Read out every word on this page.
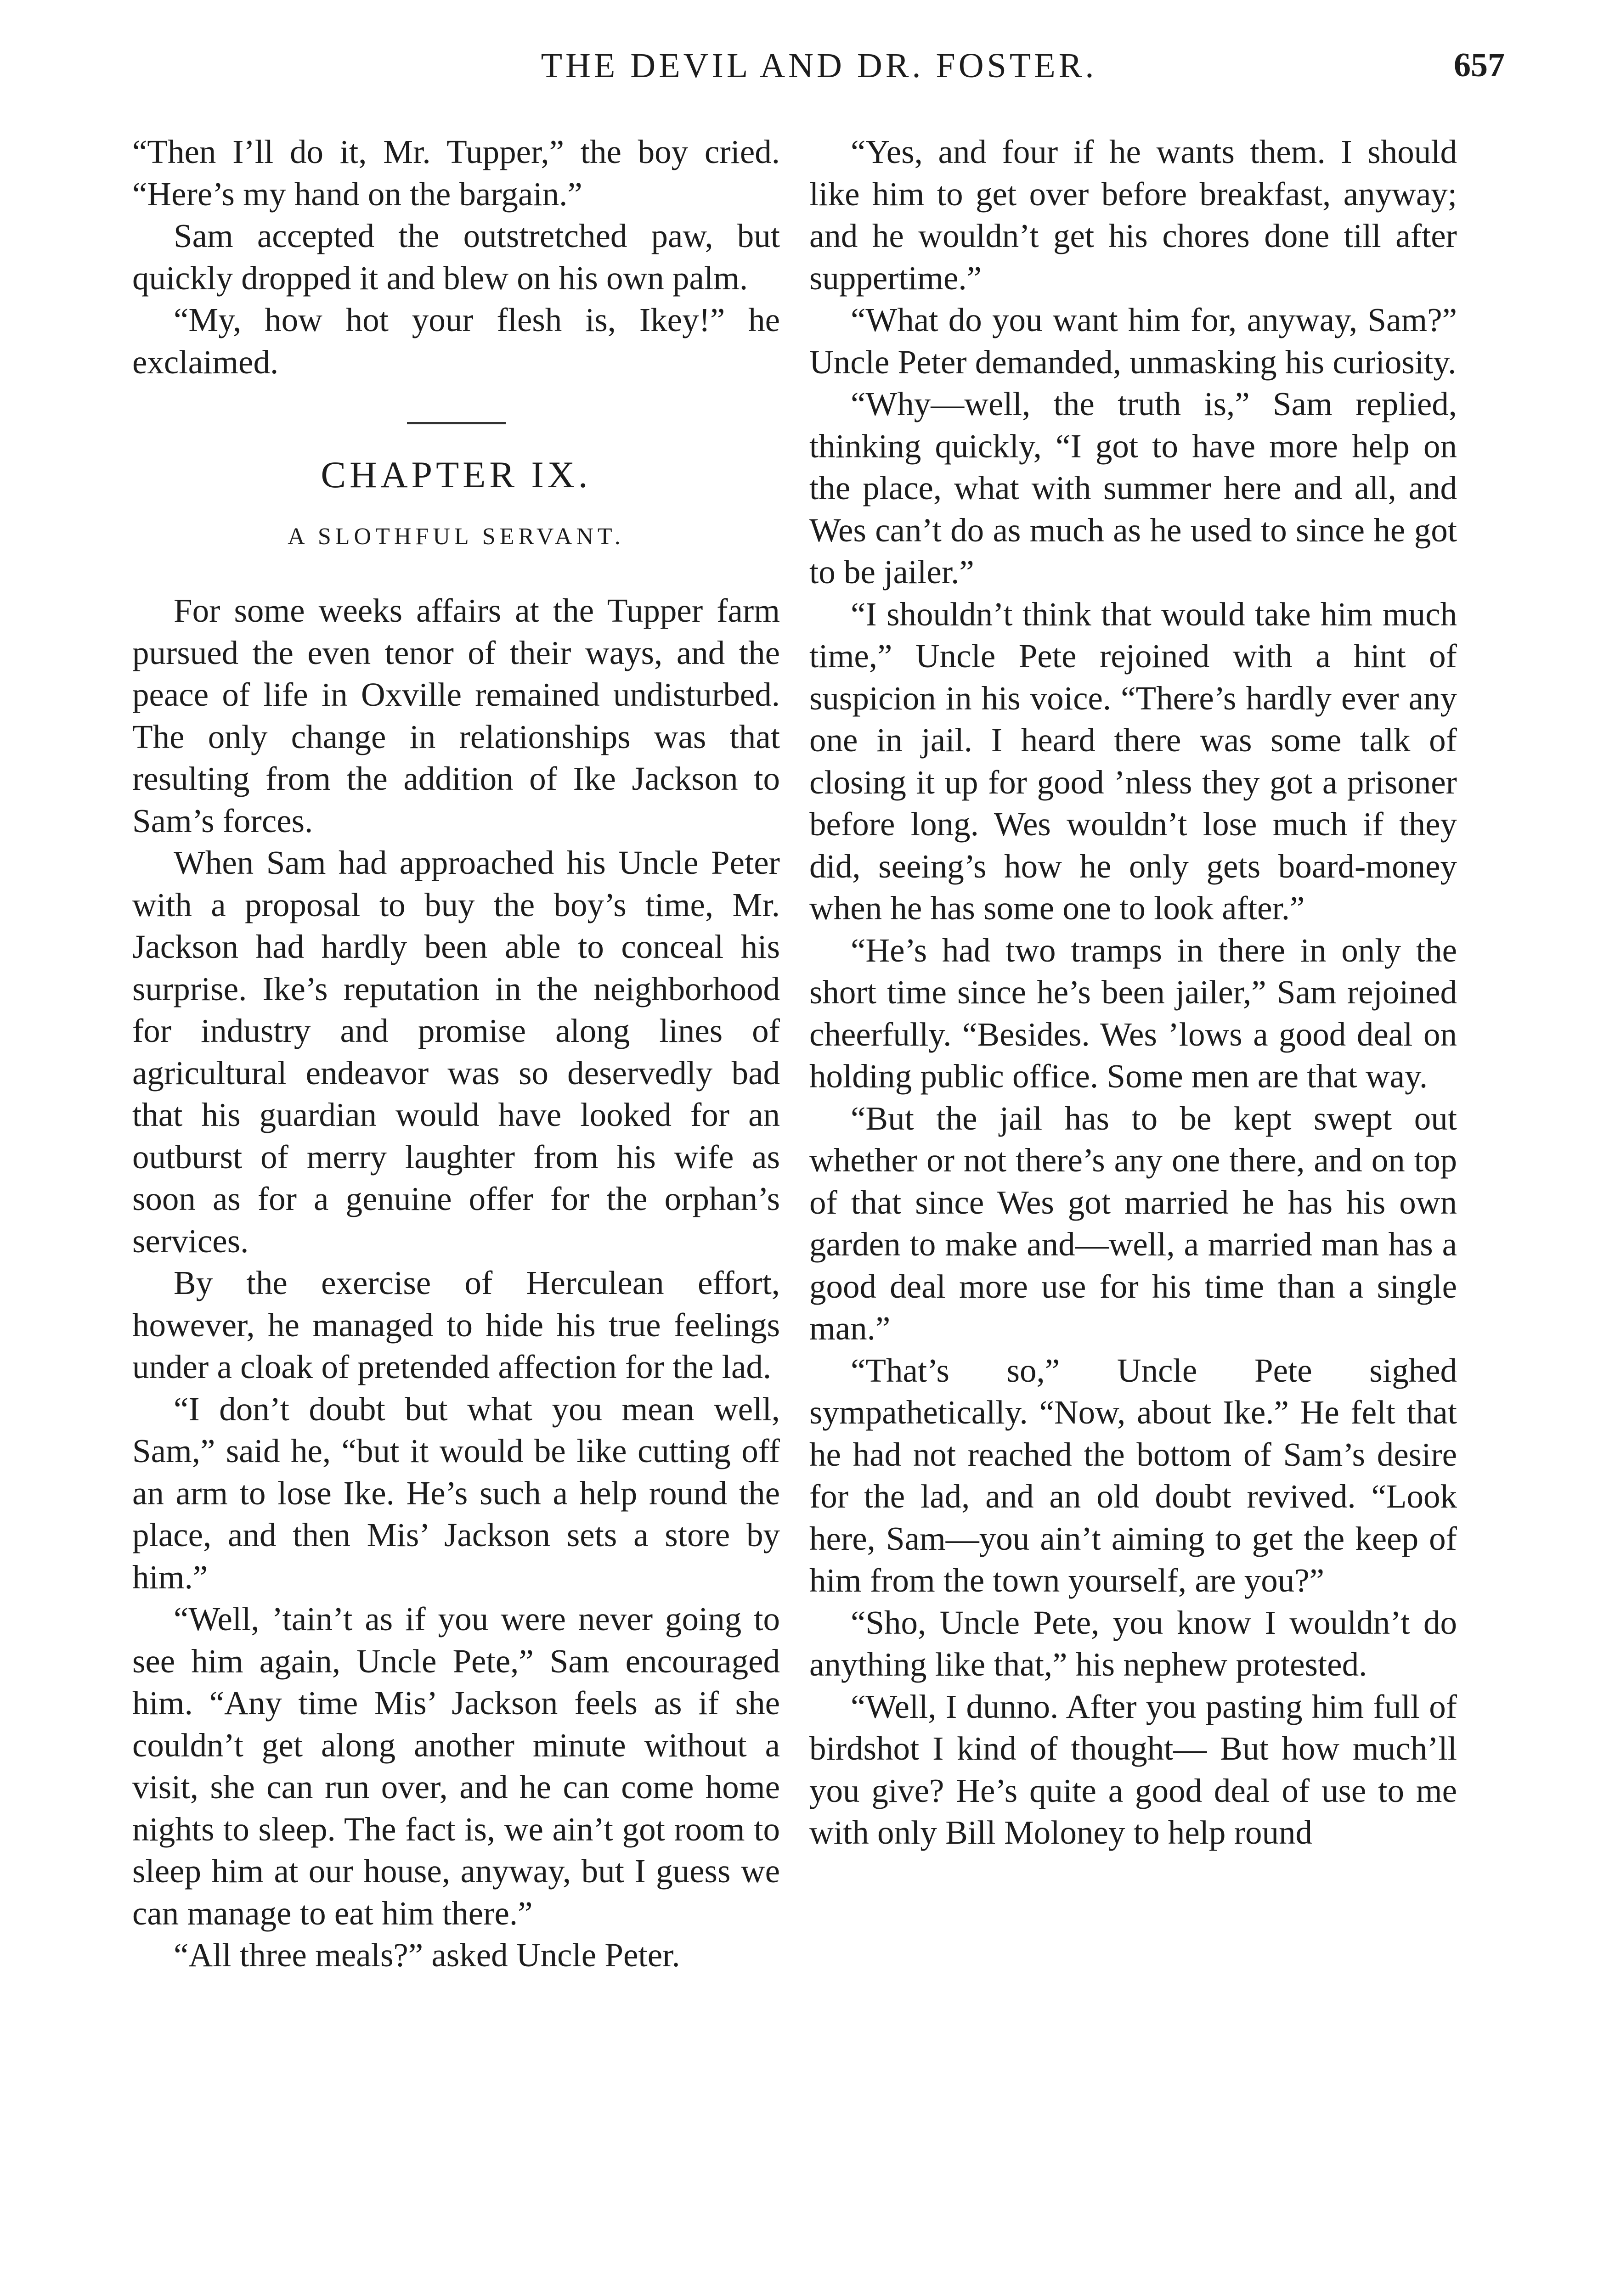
THE DEVIL AND DR. FOSTER.	657

“Then I’ll do it, Mr. Tupper,” the boy cried. “Here’s my hand on the bargain.”

Sam accepted the outstretched paw, but quickly dropped it and blew on his own palm.

“My, how hot your flesh is, Ikey!” he exclaimed.

CHAPTER IX.
A SLOTHFUL SERVANT.

For some weeks affairs at the Tupper farm pursued the even tenor of their ways, and the peace of life in Oxville remained undisturbed. The only change in relationships was that resulting from the addition of Ike Jackson to Sam’s forces.

When Sam had approached his Uncle Peter with a proposal to buy the boy’s time, Mr. Jackson had hardly been able to conceal his surprise. Ike’s reputation in the neighborhood for industry and promise along lines of agricultural endeavor was so deservedly bad that his guardian would have looked for an outburst of merry laughter from his wife as soon as for a genuine offer for the orphan’s services.

By the exercise of Herculean effort, however, he managed to hide his true feelings under a cloak of pretended affection for the lad.

“I don’t doubt but what you mean well, Sam,” said he, “but it would be like cutting off an arm to lose Ike. He’s such a help round the place, and then Mis’ Jackson sets a store by him.”

“Well, ’tain’t as if you were never going to see him again, Uncle Pete,” Sam encouraged him. “Any time Mis’ Jackson feels as if she couldn’t get along another minute without a visit, she can run over, and he can come home nights to sleep. The fact is, we ain’t got room to sleep him at our house, anyway, but I guess we can manage to eat him there.”

“All three meals?” asked Uncle Peter.

“Yes, and four if he wants them. I should like him to get over before breakfast, anyway; and he wouldn’t get his chores done till after suppertime.”

“What do you want him for, anyway, Sam?” Uncle Peter demanded, unmasking his curiosity.

“Why—well, the truth is,” Sam replied, thinking quickly, “I got to have more help on the place, what with summer here and all, and Wes can’t do as much as he used to since he got to be jailer.”

“I shouldn’t think that would take him much time,” Uncle Pete rejoined with a hint of suspicion in his voice. “There’s hardly ever any one in jail. I heard there was some talk of closing it up for good ’nless they got a prisoner before long. Wes wouldn’t lose much if they did, seeing’s how he only gets board-money when he has some one to look after.”

“He’s had two tramps in there in only the short time since he’s been jailer,” Sam rejoined cheerfully. “Besides. Wes ’lows a good deal on holding public office. Some men are that way.

“But the jail has to be kept swept out whether or not there’s any one there, and on top of that since Wes got married he has his own garden to make and—well, a married man has a good deal more use for his time than a single man.”

“That’s so,” Uncle Pete sighed sympathetically. “Now, about Ike.” He felt that he had not reached the bottom of Sam’s desire for the lad, and an old doubt revived. “Look here, Sam—you ain’t aiming to get the keep of him from the town yourself, are you?”

“Sho, Uncle Pete, you know I wouldn’t do anything like that,” his nephew protested.

“Well, I dunno. After you pasting him full of birdshot I kind of thought— But how much’ll you give? He’s quite a good deal of use to me with only Bill Moloney to help round
